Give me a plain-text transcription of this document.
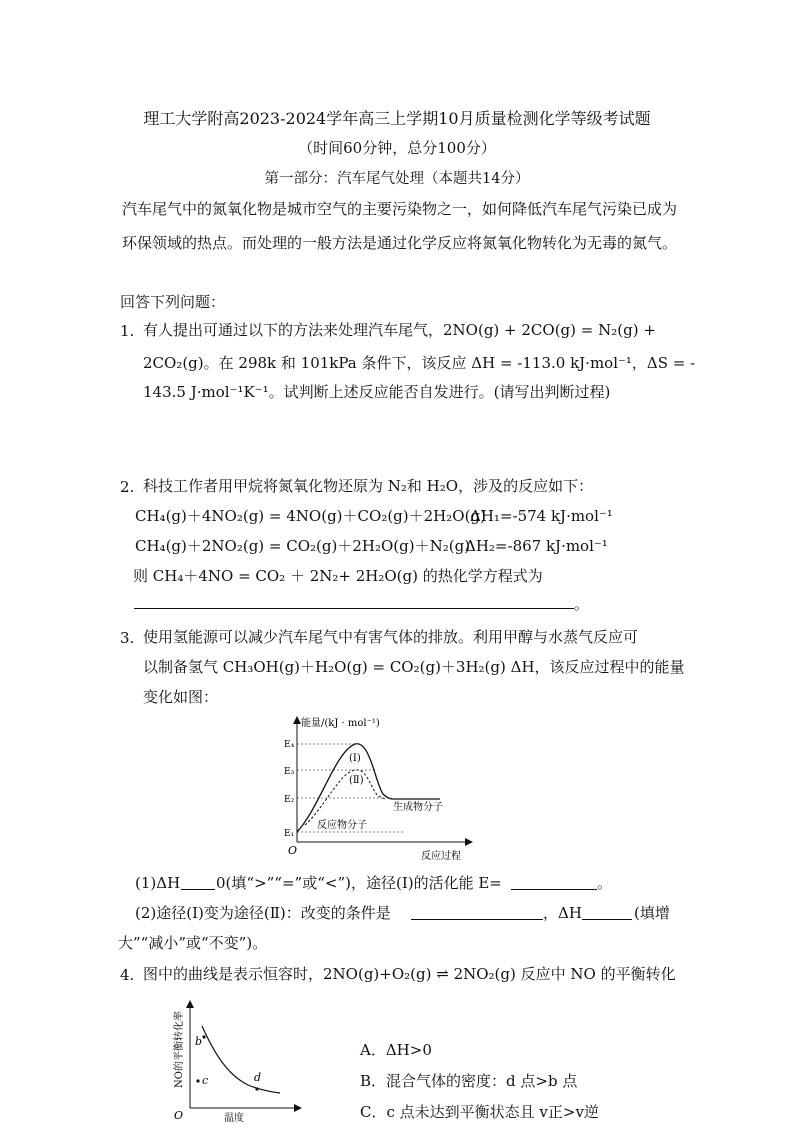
理工大学附高2023-2024学年高三上学期10月质量检测化学等级考试题
（时间60分钟，总分100分）
第一部分：汽车尾气处理（本题共14分）
汽车尾气中的氮氧化物是城市空气的主要污染物之一，如何降低汽车尾气污染已成为环保领域的热点。而处理的一般方法是通过化学反应将氮氧化物转化为无毒的氮气。
回答下列问题：
1. 有人提出可通过以下的方法来处理汽车尾气，2NO(g) + 2CO(g) = N₂(g) +
2CO₂(g)。在 298k 和 101kPa 条件下，该反应 ΔH = -113.0 kJ·mol⁻¹，ΔS = -
143.5 J·mol⁻¹K⁻¹。试判断上述反应能否自发进行。(请写出判断过程)
2. 科技工作者用甲烷将氮氧化物还原为 N₂和 H₂O，涉及的反应如下：
CH₄(g)＋4NO₂(g) = 4NO(g)＋CO₂(g)＋2H₂O(g)
ΔH₁=-574 kJ·mol⁻¹
CH₄(g)＋2NO₂(g) = CO₂(g)＋2H₂O(g)＋N₂(g)
ΔH₂=-867 kJ·mol⁻¹
则 CH₄＋4NO = CO₂ ＋ 2N₂+ 2H₂O(g) 的热化学方程式为
。
3. 使用氢能源可以减少汽车尾气中有害气体的排放。利用甲醇与水蒸气反应可
以制备氢气 CH₃OH(g)＋H₂O(g) = CO₂(g)＋3H₂(g) ΔH，该反应过程中的能量
变化如图：
能量/(kJ · mol⁻¹)
反应过程
O
E₄
E₃
E₂
E₁
(Ⅰ)
(Ⅱ)
生成物分子
反应物分子
(1)ΔH 0(填“>”“=”或“<”)，途径(Ⅰ)的活化能 E=	。
(2)途径(Ⅰ)变为途径(Ⅱ)：改变的条件是	，ΔH	(填增
大”“减小”或“不变”)。
4. 图中的曲线是表示恒容时，2NO(g)+O₂(g) ⇌ 2NO₂(g) 反应中 NO 的平衡转化
NO的平衡转化率
温度
O
b
c	d
A．ΔH>0
B．混合气体的密度：d 点>b 点
C．c 点未达到平衡状态且 v正>v逆
